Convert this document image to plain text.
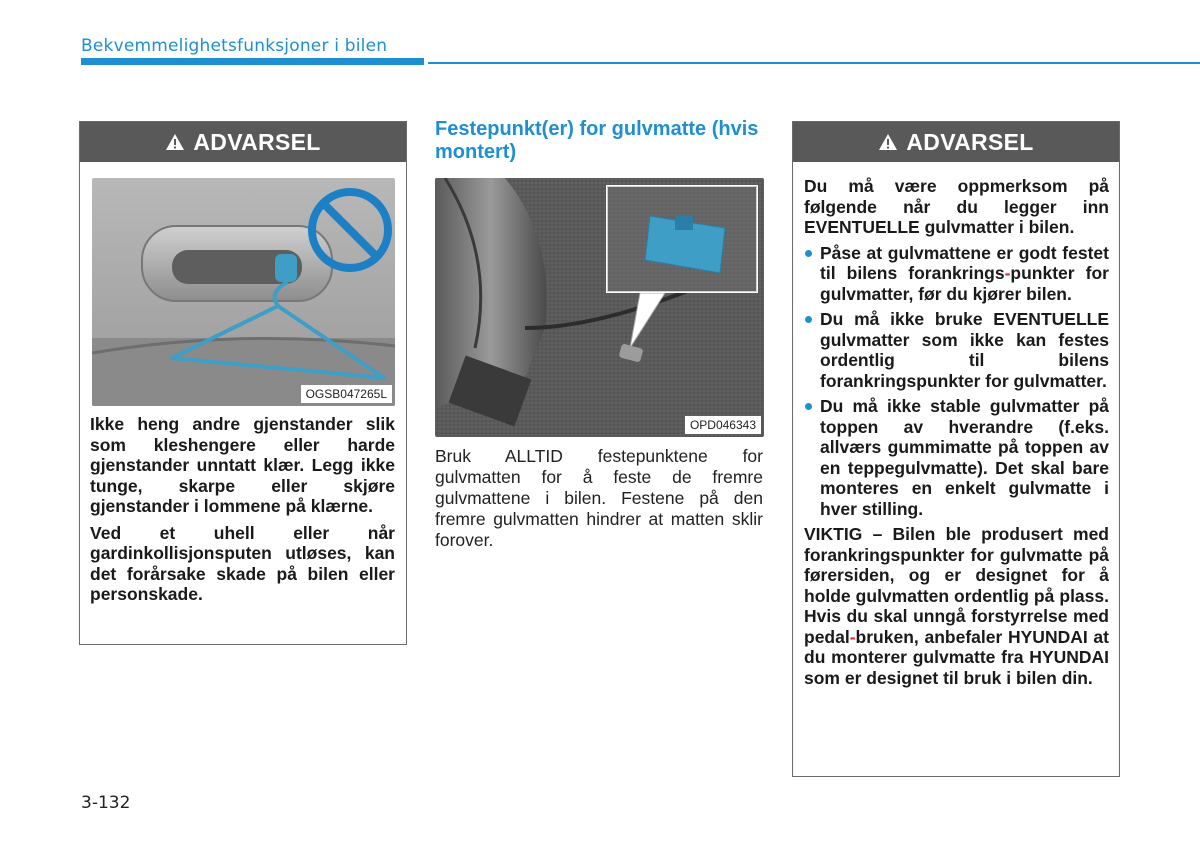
Bekvemmelighetsfunksjoner i bilen
ADVARSEL
OGSB047265L

Ikke heng andre gjenstander slik som kleshengere eller harde gjenstander unntatt klær. Legg ikke tunge, skarpe eller skjøre gjenstander i lommene på klærne.

Ved et uhell eller når gardinkollisjonsputen utløses, kan det forårsake skade på bilen eller personskade.

Festepunkt(er) for gulvmatte (hvis montert)
OPD046343
Bruk ALLTID festepunktene for gulvmatten for å feste de fremre gulvmattene i bilen. Festene på den fremre gulvmatten hindrer at matten sklir forover.
ADVARSEL

Du må være oppmerksom på følgende når du legger inn EVENTUELLE gulvmatter i bilen.

Påse at gulvmattene er godt festet til bilens forankrings-punkter for gulvmatter, før du kjører bilen.
Du må ikke bruke EVENTUELLE gulvmatter som ikke kan festes ordentlig til bilens forankringspunkter for gulvmatter.
Du må ikke stable gulvmatter på toppen av hverandre (f.eks. allværs gummimatte på toppen av en teppegulvmatte). Det skal bare monteres en enkelt gulvmatte i hver stilling.

VIKTIG – Bilen ble produsert med forankringspunkter for gulvmatte på førersiden, og er designet for å holde gulvmatten ordentlig på plass. Hvis du skal unngå forstyrrelse med pedal-bruken, anbefaler HYUNDAI at du monterer gulvmatte fra HYUNDAI som er designet til bruk i bilen din.

3-132
